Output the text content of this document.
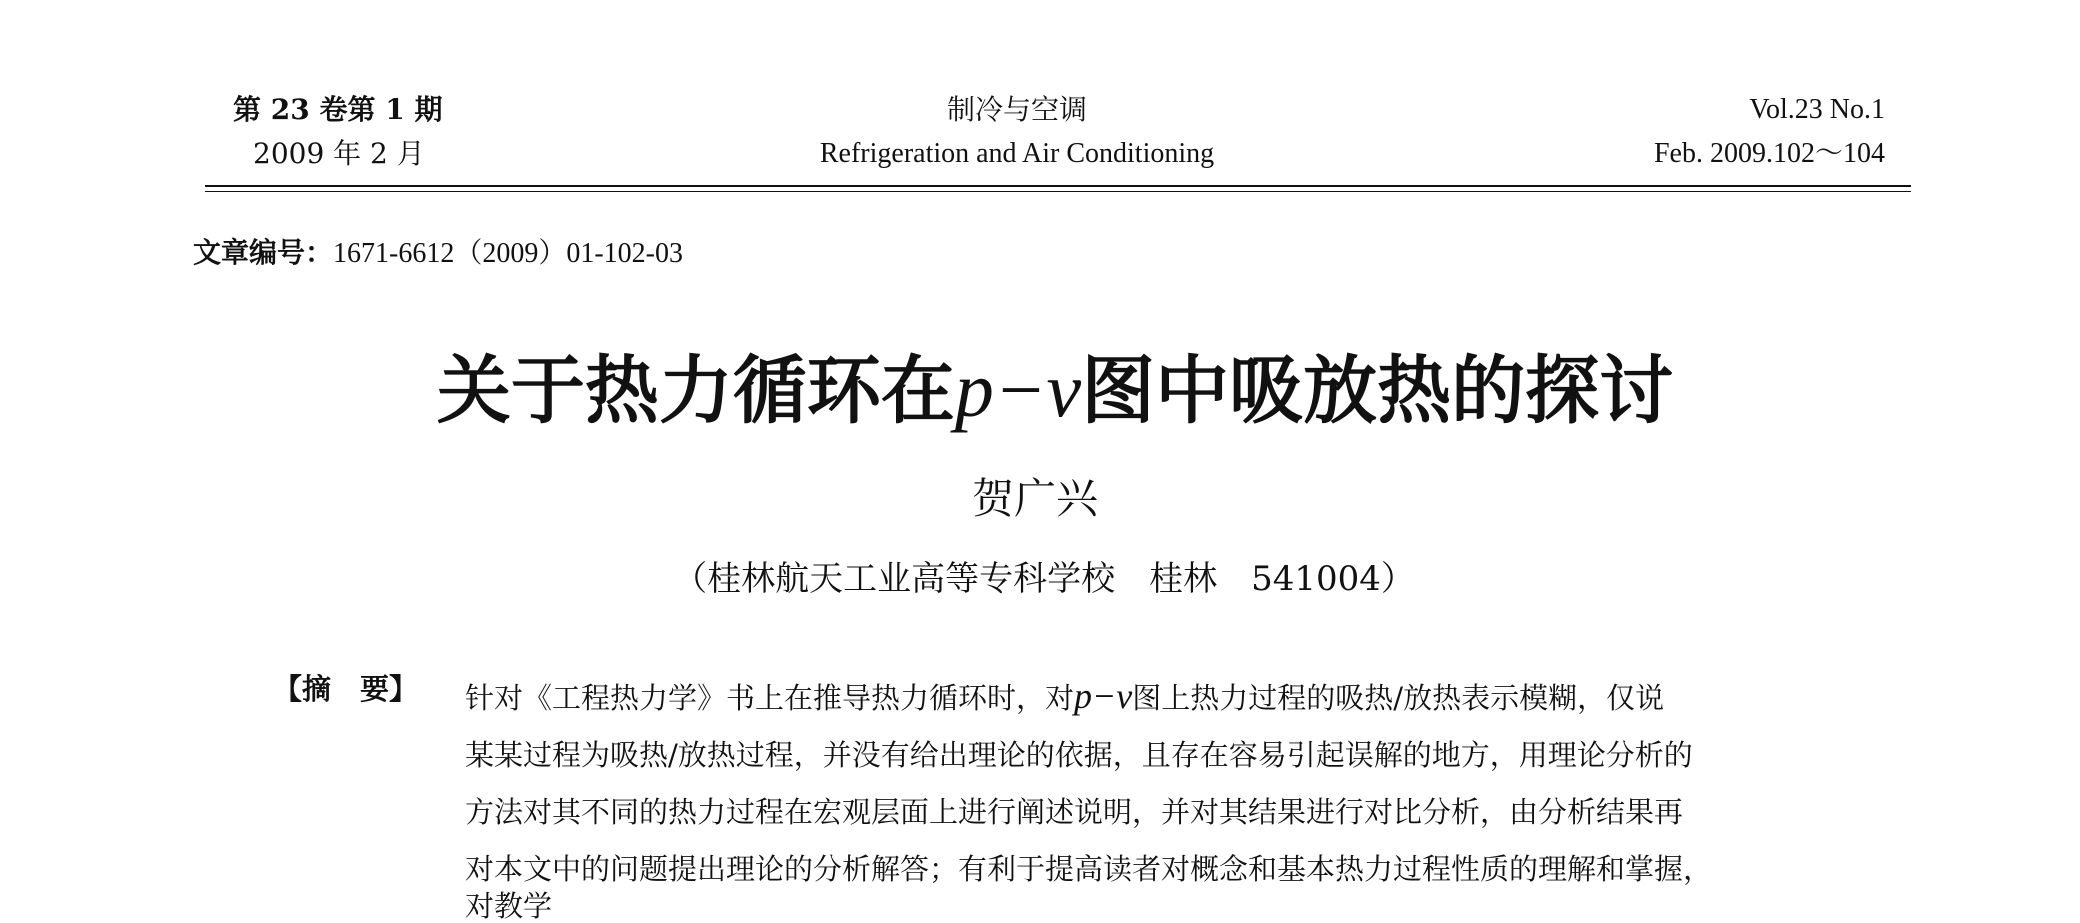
第 23 卷第 1 期
2009 年 2 月
制冷与空调
Refrigeration and Air Conditioning
Vol.23 No.1
Feb. 2009.102～104
文章编号：1671-6612（2009）01-102-03
关于热力循环在p−v图中吸放热的探讨
贺广兴
（桂林航天工业高等专科学校　桂林　541004）
【摘　要】 针对《工程热力学》书上在推导热力循环时，对p−v图上热力过程的吸热/放热表示模糊，仅说
某某过程为吸热/放热过程，并没有给出理论的依据，且存在容易引起误解的地方，用理论分析的
方法对其不同的热力过程在宏观层面上进行阐述说明，并对其结果进行对比分析，由分析结果再
对本文中的问题提出理论的分析解答；有利于提高读者对概念和基本热力过程性质的理解和掌握，
对教学
